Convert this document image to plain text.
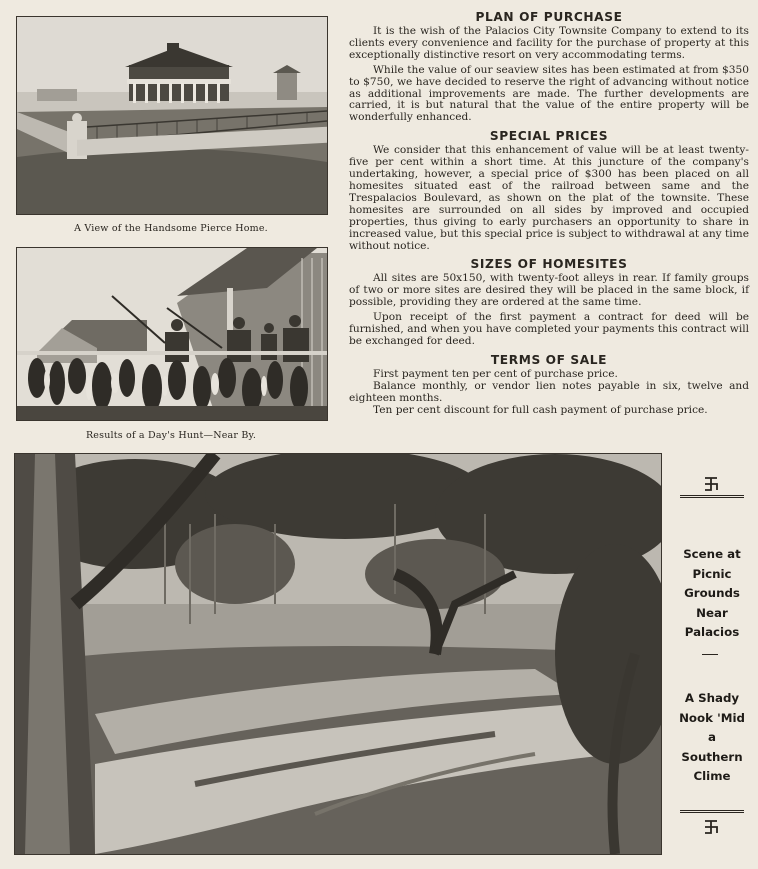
A View of the Handsome Pierce Home.
Results of a Day's Hunt—Near By.
PLAN OF PURCHASE

It is the wish of the Palacios City Townsite Company to extend to its clients every convenience and facility for the purchase of property at this exceptionally distinctive resort on very accommodating terms.

While the value of our seaview sites has been estimated at from $350 to $750, we have decided to reserve the right of advancing without notice as additional improvements are made. The further developments are carried, it is but natural that the value of the entire property will be wonderfully enhanced.

SPECIAL PRICES

We consider that this enhancement of value will be at least twenty-five per cent within a short time. At this juncture of the company's undertaking, however, a special price of $300 has been placed on all homesites situated east of the railroad between same and the Trespalacios Boulevard, as shown on the plat of the townsite. These homesites are surrounded on all sides by improved and occupied properties, thus giving to early purchasers an opportunity to share in increased value, but this special price is subject to withdrawal at any time without notice.

SIZES OF HOMESITES

All sites are 50x150, with twenty-foot alleys in rear. If family groups of two or more sites are desired they will be placed in the same block, if possible, providing they are ordered at the same time.

Upon receipt of the first payment a contract for deed will be furnished, and when you have completed your payments this contract will be exchanged for deed.

TERMS OF SALE

First payment ten per cent of purchase price.

Balance monthly, or vendor lien notes payable in six, twelve and eighteen months.

Ten per cent discount for full cash payment of purchase price.

Scene at
Picnic
Grounds
Near Palacios
A Shady
Nook 'Mid a
Southern
Clime
